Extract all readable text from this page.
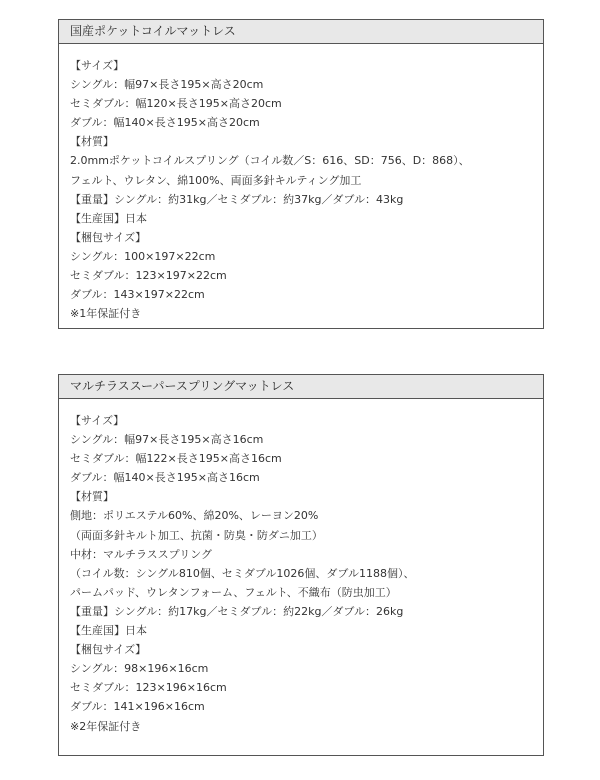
国産ポケットコイルマットレス
【サイズ】
シングル：幅97×長さ195×高さ20cm
セミダブル：幅120×長さ195×高さ20cm
ダブル：幅140×長さ195×高さ20cm
【材質】
2.0mmポケットコイルスプリング（コイル数／S：616、SD：756、D：868）、
フェルト、ウレタン、綿100%、両面多針キルティング加工
【重量】シングル：約31kg／セミダブル：約37kg／ダブル：43kg
【生産国】日本
【梱包サイズ】
シングル：100×197×22cm
セミダブル：123×197×22cm
ダブル：143×197×22cm
※1年保証付き
マルチラススーパースプリングマットレス
【サイズ】
シングル：幅97×長さ195×高さ16cm
セミダブル：幅122×長さ195×高さ16cm
ダブル：幅140×長さ195×高さ16cm
【材質】
側地：ポリエステル60%、綿20%、レーヨン20%
（両面多針キルト加工、抗菌・防臭・防ダニ加工）
中材：マルチラススプリング
（コイル数：シングル810個、セミダブル1026個、ダブル1188個）、
パームパッド、ウレタンフォーム、フェルト、不織布（防虫加工）
【重量】シングル：約17kg／セミダブル：約22kg／ダブル：26kg
【生産国】日本
【梱包サイズ】
シングル：98×196×16cm
セミダブル：123×196×16cm
ダブル：141×196×16cm
※2年保証付き
